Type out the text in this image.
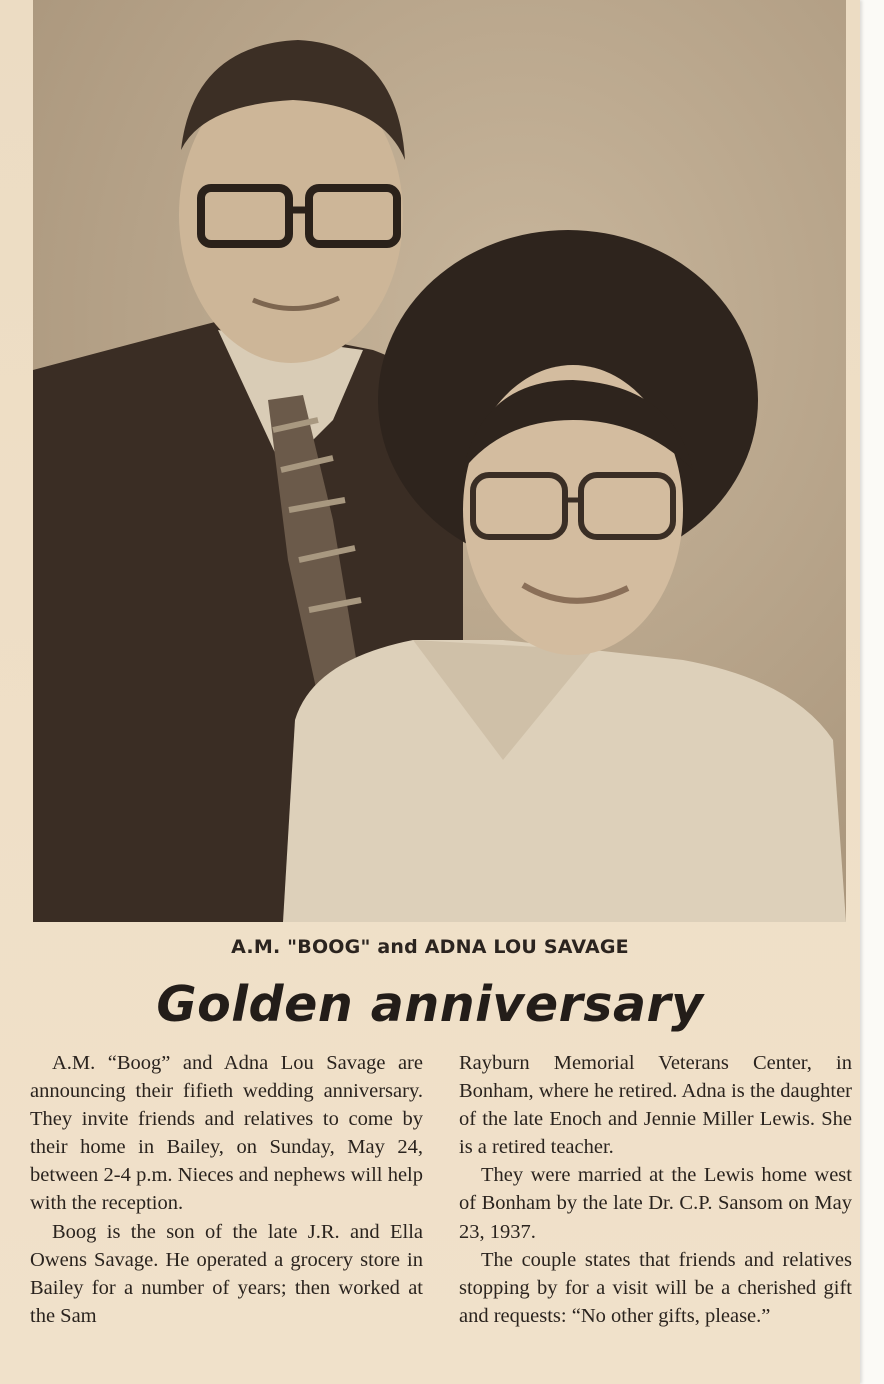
A.M. "BOOG" and ADNA LOU SAVAGE
Golden anniversary

A.M. “Boog” and Adna Lou Savage are announcing their fifieth wedding anniversary. They invite friends and relatives to come by their home in Bailey, on Sunday, May 24, between 2-4 p.m. Nieces and nephews will help with the reception.

Boog is the son of the late J.R. and Ella Owens Savage. He operated a grocery store in Bailey for a number of years; then worked at the Sam

Rayburn Memorial Veterans Center, in Bonham, where he retired. Adna is the daughter of the late Enoch and Jennie Miller Lewis. She is a retired teacher.

They were married at the Lewis home west of Bonham by the late Dr. C.P. Sansom on May 23, 1937.

The couple states that friends and relatives stopping by for a visit will be a cherished gift and requests: “No other gifts, please.”
